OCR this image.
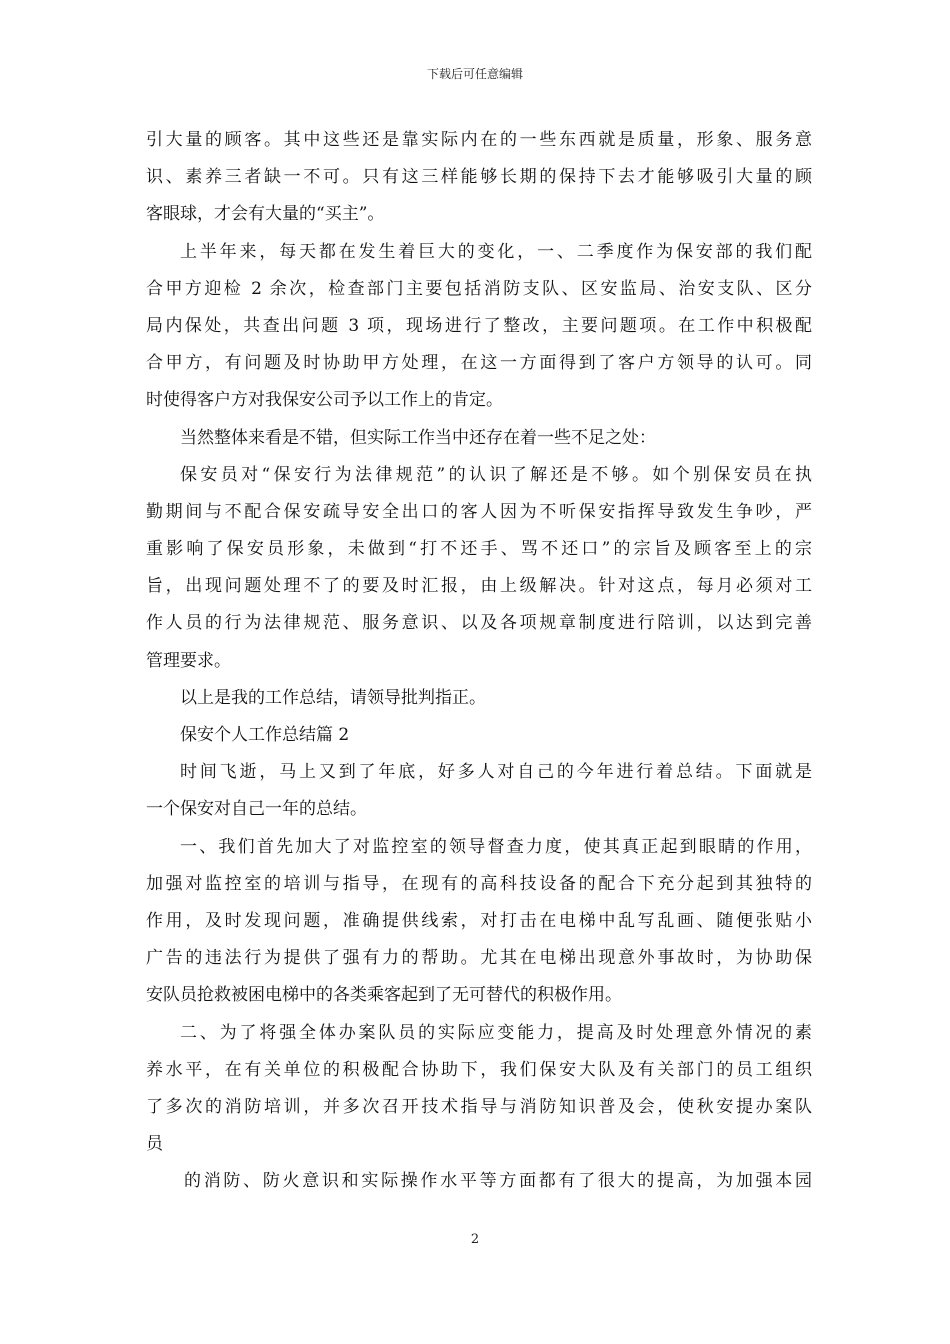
下载后可任意编辑
引大量的顾客。其中这些还是靠实际内在的一些东西就是质量，形象、服务意
识、素养三者缺一不可。只有这三样能够长期的保持下去才能够吸引大量的顾
客眼球，才会有大量的“买主”。
上半年来，每天都在发生着巨大的变化，一、二季度作为保安部的我们配
合甲方迎检 2 余次，检查部门主要包括消防支队、区安监局、治安支队、区分
局内保处，共查出问题 3 项，现场进行了整改，主要问题项。在工作中积极配
合甲方，有问题及时协助甲方处理，在这一方面得到了客户方领导的认可。同
时使得客户方对我保安公司予以工作上的肯定。
当然整体来看是不错，但实际工作当中还存在着一些不足之处：
保安员对“保安行为法律规范”的认识了解还是不够。如个别保安员在执
勤期间与不配合保安疏导安全出口的客人因为不听保安指挥导致发生争吵，严
重影响了保安员形象，未做到“打不还手、骂不还口”的宗旨及顾客至上的宗
旨，出现问题处理不了的要及时汇报，由上级解决。针对这点，每月必须对工
作人员的行为法律规范、服务意识、以及各项规章制度进行陪训，以达到完善
管理要求。
以上是我的工作总结，请领导批判指正。
保安个人工作总结篇 2
时间飞逝，马上又到了年底，好多人对自己的今年进行着总结。下面就是
一个保安对自己一年的总结。
一、我们首先加大了对监控室的领导督查力度，使其真正起到眼睛的作用，
加强对监控室的培训与指导，在现有的高科技设备的配合下充分起到其独特的
作用，及时发现问题，准确提供线索，对打击在电梯中乱写乱画、随便张贴小
广告的违法行为提供了强有力的帮助。尤其在电梯出现意外事故时，为协助保
安队员抢救被困电梯中的各类乘客起到了无可替代的积极作用。
二、为了将强全体办案队员的实际应变能力，提高及时处理意外情况的素
养水平，在有关单位的积极配合协助下，我们保安大队及有关部门的员工组织
了多次的消防培训，并多次召开技术指导与消防知识普及会，使秋安提办案队
员
的消防、防火意识和实际操作水平等方面都有了很大的提高，为加强本园
2
